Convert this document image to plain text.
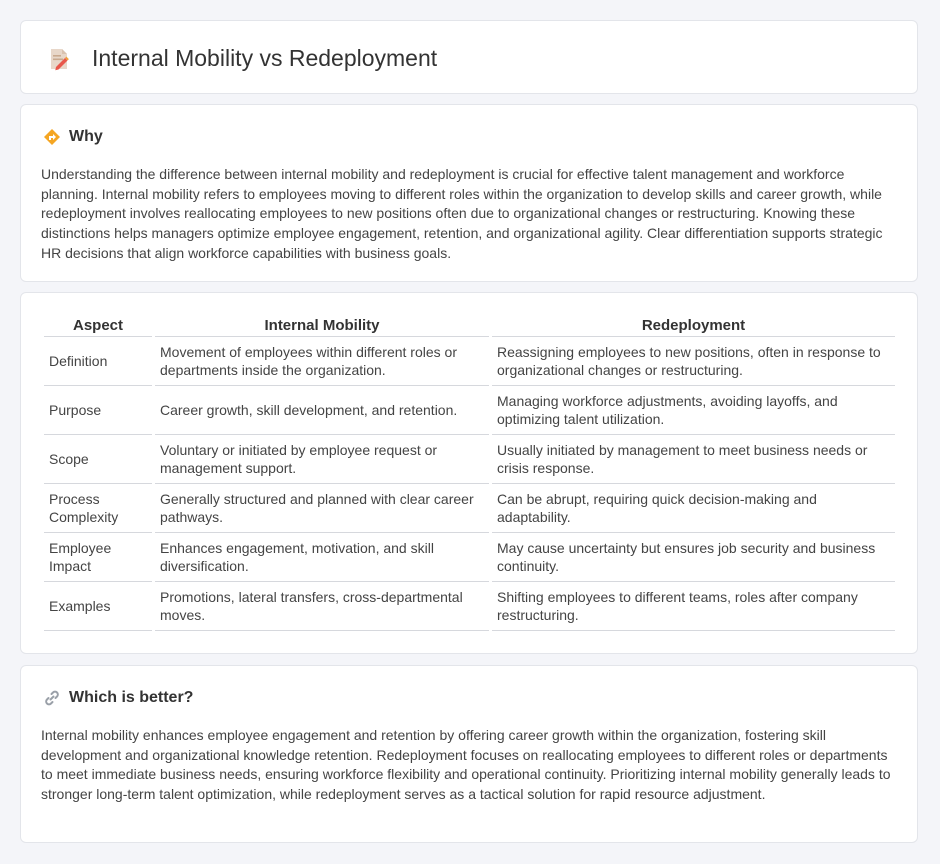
Internal Mobility vs Redeployment
Why

Understanding the difference between internal mobility and redeployment is crucial for effective talent management and workforce planning. Internal mobility refers to employees moving to different roles within the organization to develop skills and career growth, while redeployment involves reallocating employees to new positions often due to organizational changes or restructuring. Knowing these distinctions helps managers optimize employee engagement, retention, and organizational agility. Clear differentiation supports strategic HR decisions that align workforce capabilities with business goals.

Aspect	Internal Mobility	Redeployment
Definition	Movement of employees within different roles or departments inside the organization.	Reassigning employees to new positions, often in response to organizational changes or restructuring.
Purpose	Career growth, skill development, and retention.	Managing workforce adjustments, avoiding layoffs, and optimizing talent utilization.
Scope	Voluntary or initiated by employee request or management support.	Usually initiated by management to meet business needs or crisis response.
Process Complexity	Generally structured and planned with clear career pathways.	Can be abrupt, requiring quick decision-making and adaptability.
Employee Impact	Enhances engagement, motivation, and skill diversification.	May cause uncertainty but ensures job security and business continuity.
Examples	Promotions, lateral transfers, cross-departmental moves.	Shifting employees to different teams, roles after company restructuring.
Which is better?

Internal mobility enhances employee engagement and retention by offering career growth within the organization, fostering skill development and organizational knowledge retention. Redeployment focuses on reallocating employees to different roles or departments to meet immediate business needs, ensuring workforce flexibility and operational continuity. Prioritizing internal mobility generally leads to stronger long-term talent optimization, while redeployment serves as a tactical solution for rapid resource adjustment.
